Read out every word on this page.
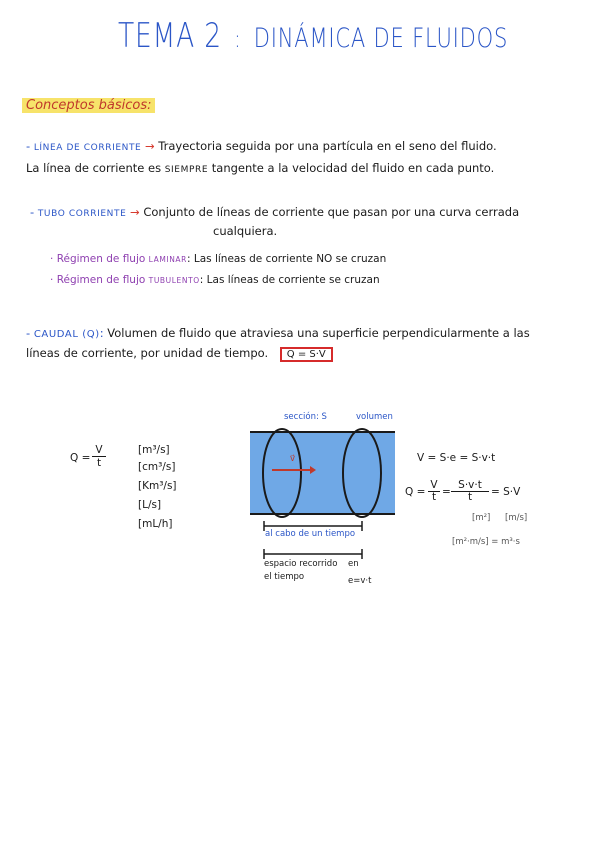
TEMA 2 : DINÁMICA DE FLUIDOS
Conceptos básicos:
- LÍNEA DE CORRIENTE → Trayectoria seguida por una partícula en el seno del fluido.
La línea de corriente es SIEMPRE tangente a la velocidad del fluido en cada punto.
- TUBO CORRIENTE → Conjunto de líneas de corriente que pasan por una curva cerrada
cualquiera.
· Régimen de flujo LAMINAR: Las líneas de corriente NO se cruzan
· Régimen de flujo TUBULENTO: Las líneas de corriente se cruzan
- CAUDAL (Q): Volumen de fluido que atraviesa una superficie perpendicularmente a las
líneas de corriente, por unidad de tiempo. Q = S·V
$Q = \frac{V}{t}$	[m³/s]
[cm³/s]
[Km³/s]
[L/s]
[mL/h]
sección: S	volumen
v⃗
al cabo de un tiempo
espacio recorrido en
el tiempo	e=v·t
V = S·e = S·v·t
$Q = \frac{V}{t} = \frac{S\cdot v\cdot t}{t} = S\cdot V$
[m²] [m/s]
[m²·m/s] = m³·s
